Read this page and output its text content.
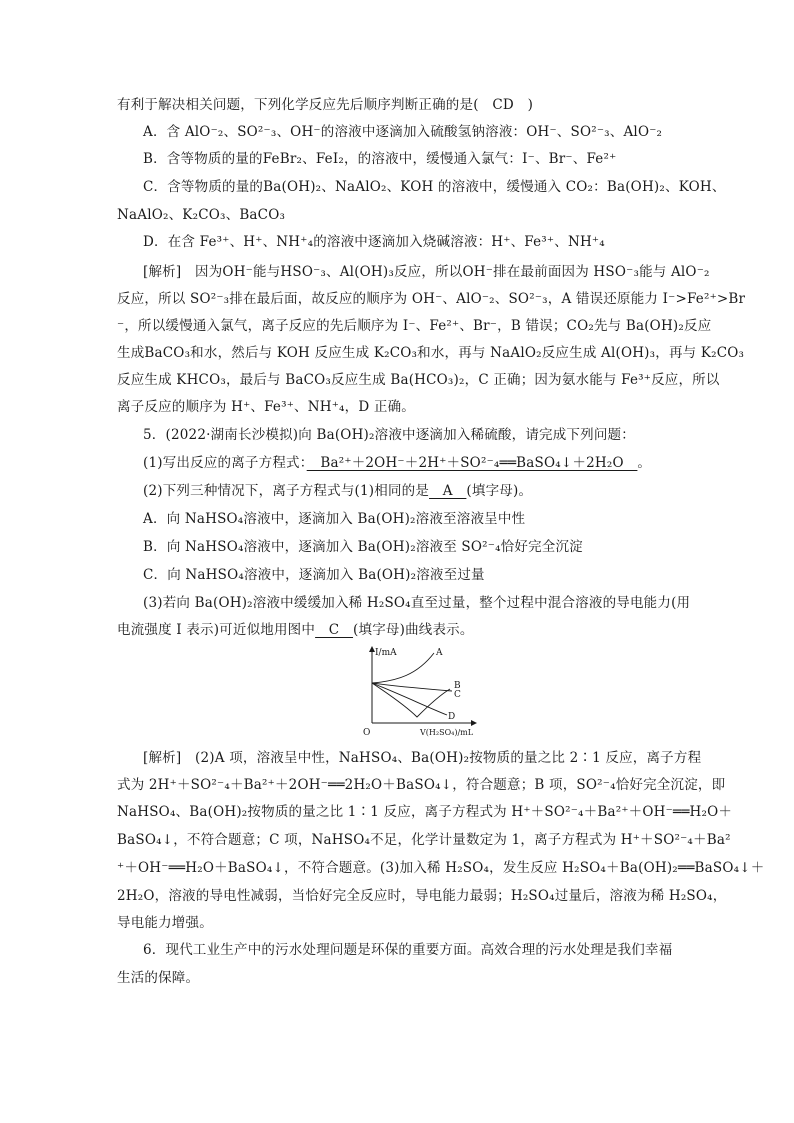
有利于解决相关问题，下列化学反应先后顺序判断正确的是(　CD　)
A．含 AlO⁻₂、SO²⁻₃、OH⁻的溶液中逐滴加入硫酸氢钠溶液：OH⁻、SO²⁻₃、AlO⁻₂
B．含等物质的量的FeBr₂、FeI₂，的溶液中，缓慢通入氯气：I⁻、Br⁻、Fe²⁺
C．含等物质的量的Ba(OH)₂、NaAlO₂、KOH 的溶液中，缓慢通入 CO₂：Ba(OH)₂、KOH、
NaAlO₂、K₂CO₃、BaCO₃
D．在含 Fe³⁺、H⁺、NH⁺₄的溶液中逐滴加入烧碱溶液：H⁺、Fe³⁺、NH⁺₄
[解析]　因为OH⁻能与HSO⁻₃、Al(OH)₃反应，所以OH⁻排在最前面因为 HSO⁻₃能与 AlO⁻₂
反应，所以 SO²⁻₃排在最后面，故反应的顺序为 OH⁻、AlO⁻₂、SO²⁻₃，A 错误还原能力 I⁻>Fe²⁺>Br
⁻，所以缓慢通入氯气，离子反应的先后顺序为 I⁻、Fe²⁺、Br⁻，B 错误；CO₂先与 Ba(OH)₂反应
生成BaCO₃和水，然后与 KOH 反应生成 K₂CO₃和水，再与 NaAlO₂反应生成 Al(OH)₃，再与 K₂CO₃
反应生成 KHCO₃，最后与 BaCO₃反应生成 Ba(HCO₃)₂，C 正确；因为氨水能与 Fe³⁺反应，所以
离子反应的顺序为 H⁺、Fe³⁺、NH⁺₄，D 正确。
5．(2022·湖南长沙模拟)向 Ba(OH)₂溶液中逐滴加入稀硫酸，请完成下列问题：
(1)写出反应的离子方程式：　Ba²⁺＋2OH⁻＋2H⁺＋SO²⁻₄══BaSO₄↓＋2H₂O　。
(2)下列三种情况下，离子方程式与(1)相同的是　A　(填字母)。
A．向 NaHSO₄溶液中，逐滴加入 Ba(OH)₂溶液至溶液呈中性
B．向 NaHSO₄溶液中，逐滴加入 Ba(OH)₂溶液至 SO²⁻₄恰好完全沉淀
C．向 NaHSO₄溶液中，逐滴加入 Ba(OH)₂溶液至过量
(3)若向 Ba(OH)₂溶液中缓缓加入稀 H₂SO₄直至过量，整个过程中混合溶液的导电能力(用
电流强度 I 表示)可近似地用图中　C　(填字母)曲线表示。
I/mA
O	V(H₂SO₄)/mL
A
B
C
D
[解析]　(2)A 项，溶液呈中性，NaHSO₄、Ba(OH)₂按物质的量之比 2∶1 反应，离子方程
式为 2H⁺＋SO²⁻₄＋Ba²⁺＋2OH⁻══2H₂O＋BaSO₄↓，符合题意；B 项，SO²⁻₄恰好完全沉淀，即
NaHSO₄、Ba(OH)₂按物质的量之比 1∶1 反应，离子方程式为 H⁺＋SO²⁻₄＋Ba²⁺＋OH⁻══H₂O＋
BaSO₄↓，不符合题意；C 项，NaHSO₄不足，化学计量数定为 1，离子方程式为 H⁺＋SO²⁻₄＋Ba²
⁺＋OH⁻══H₂O＋BaSO₄↓，不符合题意。(3)加入稀 H₂SO₄，发生反应 H₂SO₄＋Ba(OH)₂══BaSO₄↓＋
2H₂O，溶液的导电性减弱，当恰好完全反应时，导电能力最弱；H₂SO₄过量后，溶液为稀 H₂SO₄，
导电能力增强。
6．现代工业生产中的污水处理问题是环保的重要方面。高效合理的污水处理是我们幸福
生活的保障。
